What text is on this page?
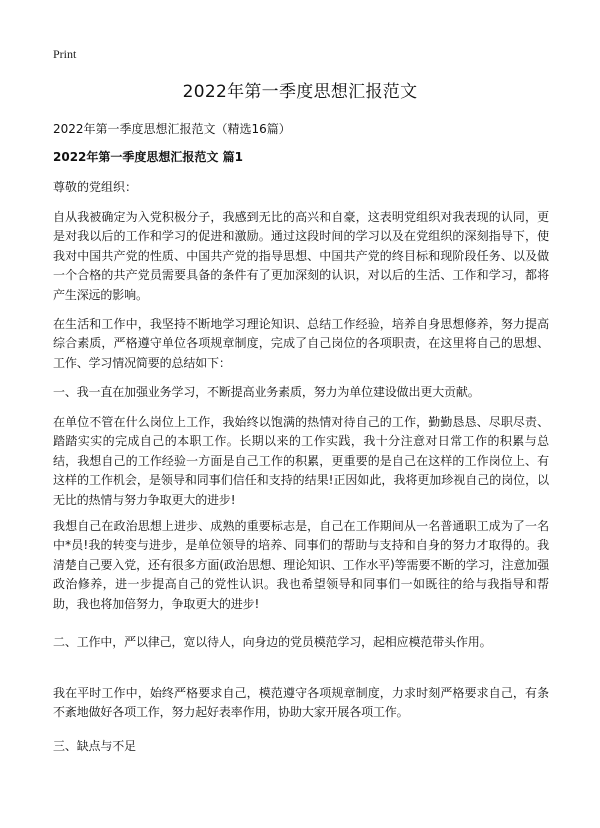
Print
2022年第一季度思想汇报范文
2022年第一季度思想汇报范文（精选16篇）
2022年第一季度思想汇报范文 篇1
尊敬的党组织：

自从我被确定为入党积极分子，我感到无比的高兴和自豪，这表明党组织对我表现的认同，更是对我以后的工作和学习的促进和激励。通过这段时间的学习以及在党组织的深刻指导下，使我对中国共产党的性质、中国共产党的指导思想、中国共产党的终目标和现阶段任务、以及做一个合格的共产党员需要具备的条件有了更加深刻的认识，对以后的生活、工作和学习，都将产生深远的影响。

在生活和工作中，我坚持不断地学习理论知识、总结工作经验，培养自身思想修养，努力提高综合素质，严格遵守单位各项规章制度，完成了自己岗位的各项职责，在这里将自己的思想、工作、学习情况简要的总结如下：

一、我一直在加强业务学习，不断提高业务素质，努力为单位建设做出更大贡献。

在单位不管在什么岗位上工作，我始终以饱满的热情对待自己的工作，勤勤恳恳、尽职尽责、踏踏实实的完成自己的本职工作。长期以来的工作实践，我十分注意对日常工作的积累与总结，我想自己的工作经验一方面是自己工作的积累，更重要的是自己在这样的工作岗位上、有这样的工作机会，是领导和同事们信任和支持的结果!正因如此，我将更加珍视自己的岗位，以无比的热情与努力争取更大的进步!

我想自己在政治思想上进步、成熟的重要标志是，自己在工作期间从一名普通职工成为了一名中*员!我的转变与进步，是单位领导的培养、同事们的帮助与支持和自身的努力才取得的。我清楚自己要入党，还有很多方面(政治思想、理论知识、工作水平)等需要不断的学习，注意加强政治修养，进一步提高自己的党性认识。我也希望领导和同事们一如既往的给与我指导和帮助，我也将加倍努力，争取更大的进步!

二、工作中，严以律己，宽以待人，向身边的党员模范学习，起相应模范带头作用。

我在平时工作中，始终严格要求自己，模范遵守各项规章制度，力求时刻严格要求自己，有条不紊地做好各项工作，努力起好表率作用，协助大家开展各项工作。

三、缺点与不足
